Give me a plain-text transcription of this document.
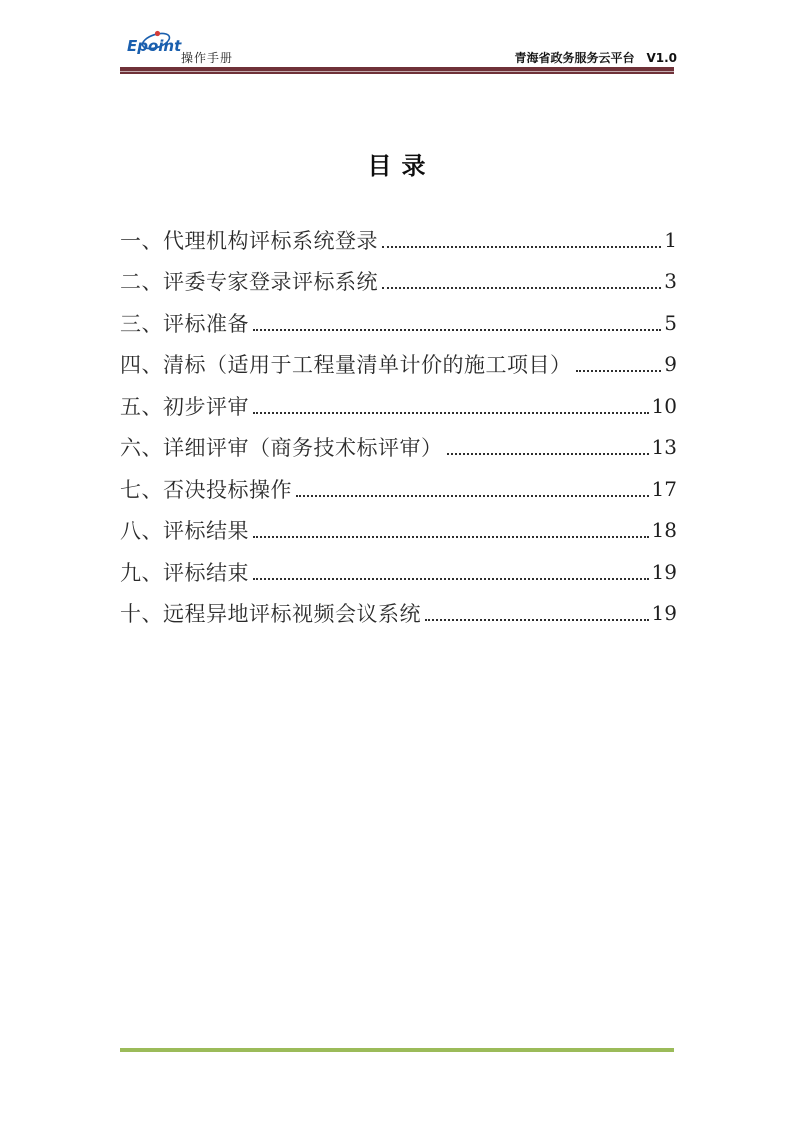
Epoint
操作手册	青海省政务服务云平台 V1.0
目录
一、代理机构评标系统登录	1
二、评委专家登录评标系统	3
三、评标准备	5
四、清标（适用于工程量清单计价的施工项目）	9
五、初步评审	10
六、详细评审（商务技术标评审）	13
七、否决投标操作	17
八、评标结果	18
九、评标结束	19
十、远程异地评标视频会议系统	19
